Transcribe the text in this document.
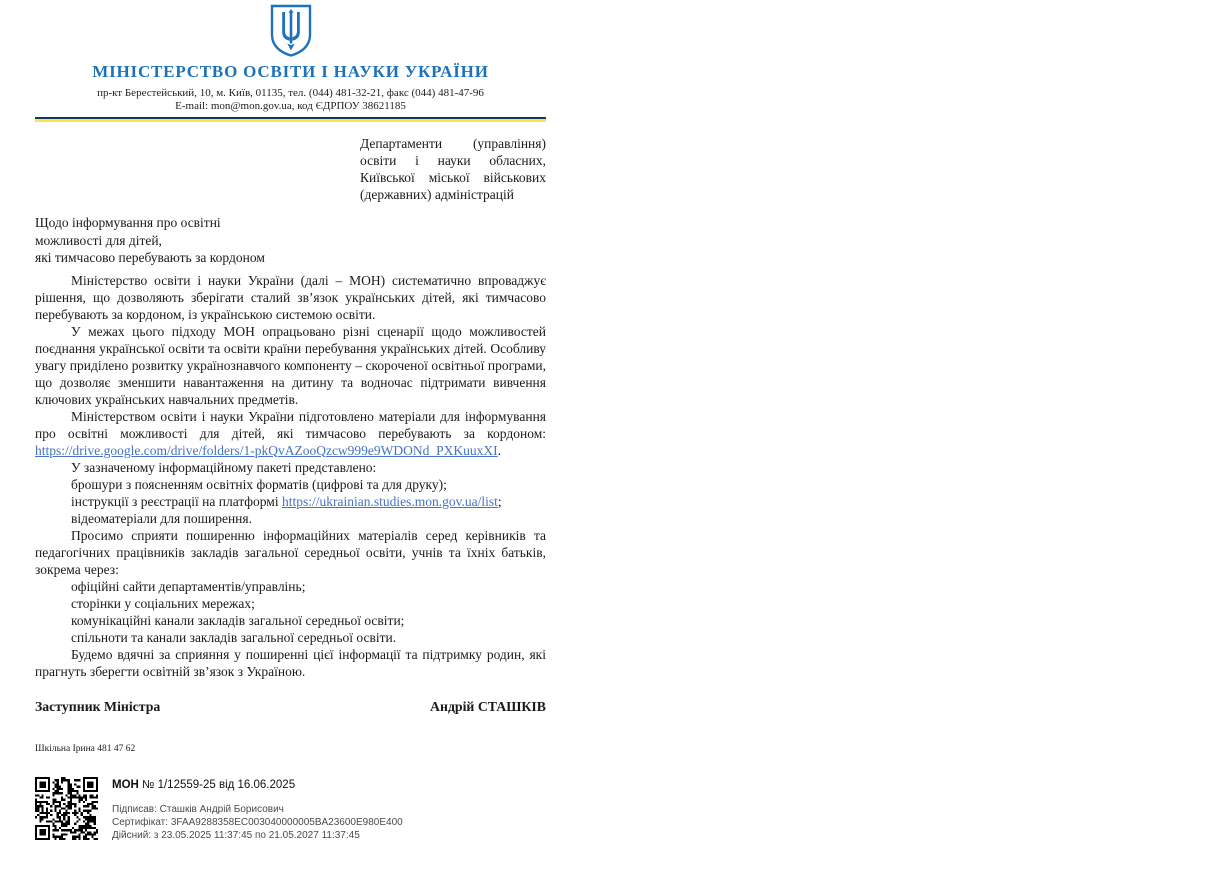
МІНІСТЕРСТВО ОСВІТИ І НАУКИ УКРАЇНИ
пр-кт Берестейський, 10, м. Київ, 01135, тел. (044) 481-32-21, факс (044) 481-47-96
E-mail: mon@mon.gov.ua, код ЄДРПОУ 38621185
Департаменти (управління) освіти і науки обласних, Київської міської військових (державних) адміністрацій
Щодо інформування про освітні
можливості для дітей,
які тимчасово перебувають за кордоном

Міністерство освіти і науки України (далі – МОН) систематично впроваджує рішення, що дозволяють зберігати сталий зв’язок українських дітей, які тимчасово перебувають за кордоном, із українською системою освіти.

У межах цього підходу МОН опрацьовано різні сценарії щодо можливостей поєднання української освіти та освіти країни перебування українських дітей. Особливу увагу приділено розвитку українознавчого компоненту – скороченої освітньої програми, що дозволяє зменшити навантаження на дитину та водночас підтримати вивчення ключових українських навчальних предметів.

Міністерством освіти і науки України підготовлено матеріали для інформування про освітні можливості для дітей, які тимчасово перебувають за кордоном: https://drive.google.com/drive/folders/1-pkQvAZooQzcw999e9WDONd_PXKuuxXI.

У зазначеному інформаційному пакеті представлено:

брошури з поясненням освітніх форматів (цифрові та для друку);

інструкції з реєстрації на платформі https://ukrainian.studies.mon.gov.ua/list;

відеоматеріали для поширення.

Просимо сприяти поширенню інформаційних матеріалів серед керівників та педагогічних працівників закладів загальної середньої освіти, учнів та їхніх батьків, зокрема через:

офіційні сайти департаментів/управлінь;

сторінки у соціальних мережах;

комунікаційні канали закладів загальної середньої освіти;

спільноти та канали закладів загальної середньої освіти.

Будемо вдячні за сприяння у поширенні цієї інформації та підтримку родин, які прагнуть зберегти освітній зв’язок з Україною.

Заступник Міністра	Андрій СТАШКІВ
Шкільна Ірина 481 47 62
МОН № 1/12559-25 від 16.06.2025
Підписав: Сташків Андрій Борисович
Сертифікат: 3FAA9288358EC003040000005BA23600E980E400
Дійсний: з 23.05.2025 11:37:45 по 21.05.2027 11:37:45
